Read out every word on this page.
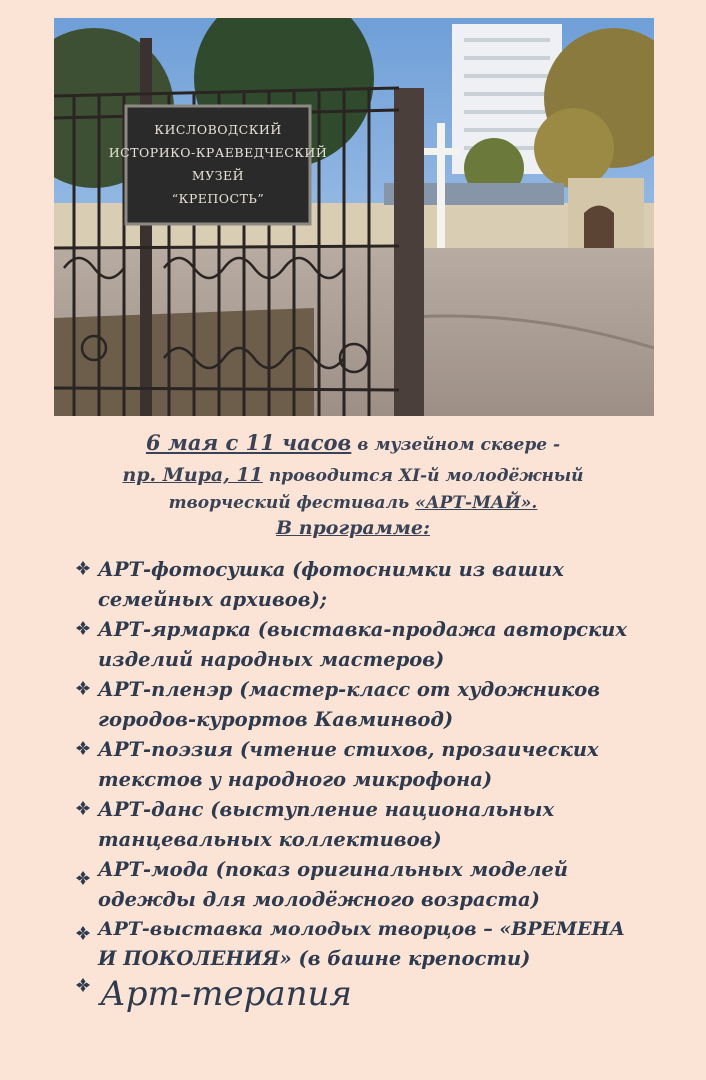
КИСЛОВОДСКИЙ
ИСТОРИКО-КРАЕВЕДЧЕСКИЙ
МУЗЕЙ
“КРЕПОСТЬ”
6 мая с 11 часов в музейном сквере -
пр. Мира, 11 проводится XI-й молодёжный
творческий фестиваль «АРТ-МАЙ».
В программе:
АРТ-фотосушка (фотоснимки из ваших
семейных архивов);
АРТ-ярмарка (выставка-продажа авторских
изделий народных мастеров)
АРТ-пленэр (мастер-класс от художников
городов-курортов Кавминвод)
АРТ-поэзия (чтение стихов, прозаических
текстов у народного микрофона)
АРТ-данс (выступление национальных
танцевальных коллективов)
АРТ-мода (показ оригинальных моделей
одежды для молодёжного возраста)
АРТ-выставка молодых творцов – «ВРЕМЕНА
И ПОКОЛЕНИЯ» (в башне крепости)
Арт-терапия
